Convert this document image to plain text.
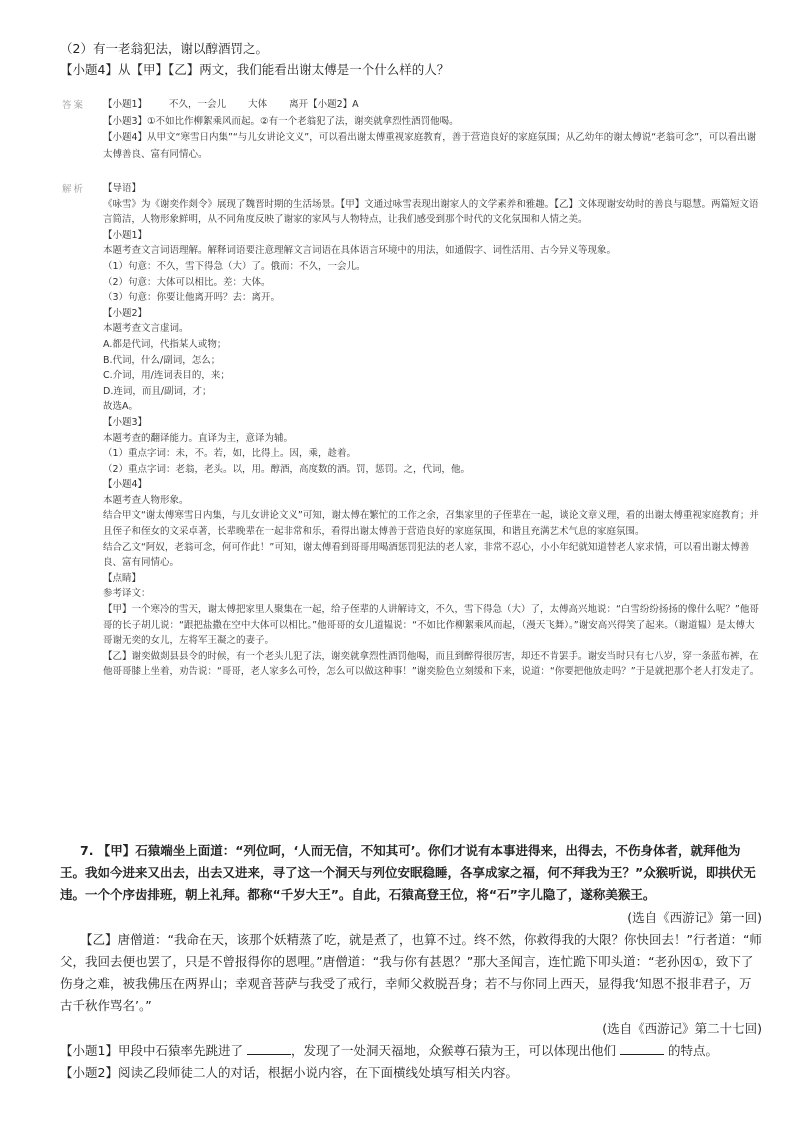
（2）有一老翁犯法，谢以醇酒罚之。
【小题4】从【甲】【乙】两文，我们能看出谢太傅是一个什么样的人？
答案 【小题1】 不久，一会儿 大体 离开【小题2】A
【小题3】①不如比作柳絮乘风而起。②有一个老翁犯了法，谢奕就拿烈性酒罚他喝。
【小题4】从甲文“寒雪日内集”“与儿女讲论文义”，可以看出谢太傅重视家庭教育，善于营造良好的家庭氛围；从乙幼年的谢太傅说“老翁可念”，可以看出谢太傅善良、富有同情心。
解析 【导语】
《咏雪》为《谢奕作剡令》展现了魏晋时期的生活场景。【甲】文通过咏雪表现出谢家人的文学素养和雅趣。【乙】文体现谢安幼时的善良与聪慧。两篇短文语言简洁，人物形象鲜明，从不同角度反映了谢家的家风与人物特点，让我们感受到那个时代的文化氛围和人情之美。
【小题1】
本题考查文言词语理解。解释词语要注意理解文言词语在具体语言环境中的用法，如通假字、词性活用、古今异义等现象。
（1）句意：不久，雪下得急（大）了。俄而：不久，一会儿。
（2）句意：大体可以相比。差：大体。
（3）句意：你要让他离开吗？去：离开。
【小题2】
本题考查文言虚词。
A.都是代词，代指某人或物；
B.代词，什么/副词，怎么；
C.介词，用/连词表目的，来；
D.连词，而且/副词，才；
故选A。
【小题3】
本题考查的翻译能力。直译为主，意译为辅。
（1）重点字词：未，不。若，如，比得上。因，乘，趁着。
（2）重点字词：老翁，老头。以，用。醇酒，高度数的酒。罚，惩罚。之，代词，他。
【小题4】
本题考查人物形象。
结合甲文“谢太傅寒雪日内集，与儿女讲论文义”可知，谢太傅在繁忙的工作之余，召集家里的子侄辈在一起，谈论文章义理，看的出谢太傅重视家庭教育；并且侄子和侄女的文采卓著，长辈晚辈在一起非常和乐，看得出谢太傅善于营造良好的家庭氛围，和谐且充满艺术气息的家庭氛围。
结合乙文“阿奴，老翁可念，何可作此！”可知，谢太傅看到哥哥用喝酒惩罚犯法的老人家，非常不忍心，小小年纪就知道替老人家求情，可以看出谢太傅善良、富有同情心。
【点睛】
参考译文：
【甲】一个寒冷的雪天，谢太傅把家里人聚集在一起，给子侄辈的人讲解诗文，不久，雪下得急（大）了，太傅高兴地说：“白雪纷纷扬扬的像什么呢？”他哥哥的长子胡儿说：“跟把盐撒在空中大体可以相比。”他哥哥的女儿道韫说：“不如比作柳絮乘风而起，（漫天飞舞）。”谢安高兴得笑了起来。（谢道韫）是太傅大哥谢无奕的女儿，左将军王凝之的妻子。
【乙】谢奕做剡县县令的时候，有一个老头儿犯了法，谢奕就拿烈性酒罚他喝，而且到醉得很厉害，却还不肯罢手。谢安当时只有七八岁，穿一条蓝布裤，在他哥哥膝上坐着，劝告说：“哥哥，老人家多么可怜，怎么可以做这种事！”谢奕脸色立刻缓和下来，说道：“你要把他放走吗？”于是就把那个老人打发走了。
7. 【甲】石猿端坐上面道：“列位呵，‘人而无信，不知其可’。你们才说有本事进得来，出得去，不伤身体者，就拜他为王。我如今进来又出去，出去又进来，寻了这一个洞天与列位安眠稳睡，各享成家之福，何不拜我为王？”众猴听说，即拱伏无违。一个个序齿排班，朝上礼拜。都称“千岁大王”。自此，石猿高登王位，将“石”字儿隐了，遂称美猴王。
(选自《西游记》第一回)
【乙】唐僧道：“我命在天，该那个妖精蒸了吃，就是煮了，也算不过。终不然，你救得我的大限？你快回去！”行者道：“师父，我回去便也罢了，只是不曾报得你的恩哩。”唐僧道：“我与你有甚恩？”那大圣闻言，连忙跪下叩头道：“老孙因①，致下了伤身之难，被我佛压在两界山；幸观音菩萨与我受了戒行，幸师父救脱吾身；若不与你同上西天，显得我‘知恩不报非君子，万古千秋作骂名’。”
(选自《西游记》第二十七回)
【小题1】甲段中石猿率先跳进了	，发现了一处洞天福地，众猴尊石猿为王，可以体现出他们	的特点。
【小题2】阅读乙段师徒二人的对话，根据小说内容，在下面横线处填写相关内容。
